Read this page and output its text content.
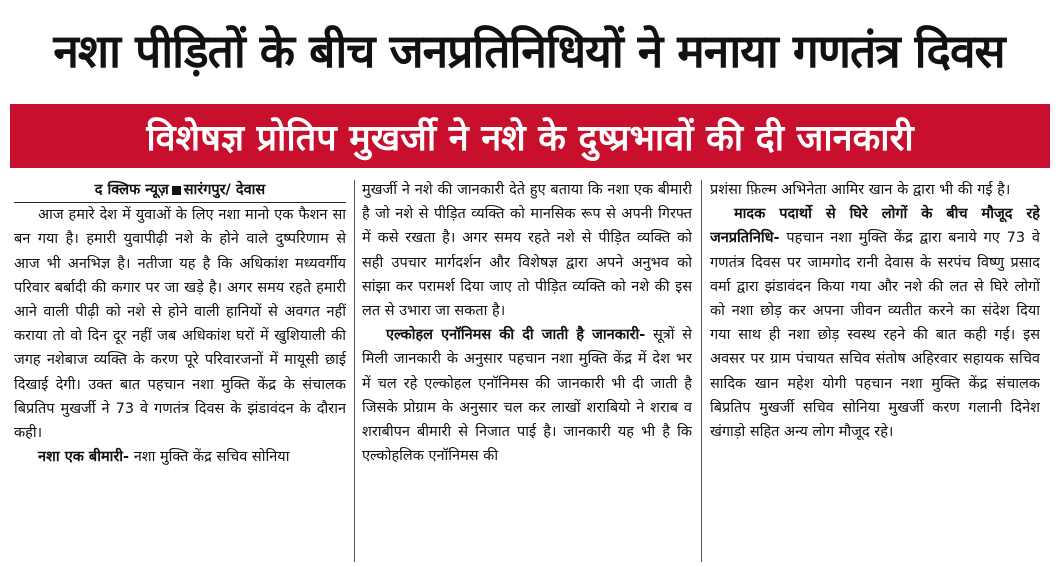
नशा पीड़ितों के बीच जनप्रतिनिधियों ने मनाया गणतंत्र दिवस
विशेषज्ञ प्रोतिप मुखर्जी ने नशे के दुष्प्रभावों की दी जानकारी

द क्लिफ न्यूज़ सारंगपुर/ देवास

आज हमारे देश में युवाओं के लिए नशा मानो एक फैशन सा बन गया है। हमारी युवापीढ़ी नशे के होने वाले दुष्परिणाम से आज भी अनभिज्ञ है। नतीजा यह है कि अधिकांश मध्यवर्गीय परिवार बर्बादी की कगार पर जा खड़े है। अगर समय रहते हमारी आने वाली पीढ़ी को नशे से होने वाली हानियों से अवगत नहीं कराया तो वो दिन दूर नहीं जब अधिकांश घरों में खुशियाली की जगह नशेबाज व्यक्ति के करण पूरे परिवारजनों में मायूसी छाई दिखाई देगी। उक्त बात पहचान नशा मुक्ति केंद्र के संचालक बिप्रतिप मुखर्जी ने 73 वे गणतंत्र दिवस के झंडावंदन के दौरान कही।

नशा एक बीमारी- नशा मुक्ति केंद्र सचिव सोनिया

मुखर्जी ने नशे की जानकारी देते हुए बताया कि नशा एक बीमारी है जो नशे से पीड़ित व्यक्ति को मानसिक रूप से अपनी गिरफ्त में कसे रखता है। अगर समय रहते नशे से पीड़ित व्यक्ति को सही उपचार मार्गदर्शन और विशेषज्ञ द्वारा अपने अनुभव को सांझा कर परामर्श दिया जाए तो पीड़ित व्यक्ति को नशे की इस लत से उभारा जा सकता है।

एल्कोहल एनॉनिमस की दी जाती है जानकारी- सूत्रों से मिली जानकारी के अनुसार पहचान नशा मुक्ति केंद्र में देश भर में चल रहे एल्कोहल एनॉनिमस की जानकारी भी दी जाती है जिसके प्रोग्राम के अनुसार चल कर लाखों शराबियो ने शराब व शराबीपन बीमारी से निजात पाई है। जानकारी यह भी है कि एल्कोहलिक एनॉनिमस की

प्रशंसा फ़िल्म अभिनेता आमिर खान के द्वारा भी की गई है।

मादक पदार्थो से घिरे लोगों के बीच मौजूद रहे जनप्रतिनिधि- पहचान नशा मुक्ति केंद्र द्वारा बनाये गए 73 वे गणतंत्र दिवस पर जामगोद रानी देवास के सरपंच विष्णु प्रसाद वर्मा द्वारा झंडावंदन किया गया और नशे की लत से घिरे लोगों को नशा छोड़ कर अपना जीवन व्यतीत करने का संदेश दिया गया साथ ही नशा छोड़ स्वस्थ रहने की बात कही गई। इस अवसर पर ग्राम पंचायत सचिव संतोष अहिरवार सहायक सचिव सादिक खान महेश योगी पहचान नशा मुक्ति केंद्र संचालक बिप्रतिप मुखर्जी सचिव सोनिया मुखर्जी करण गलानी दिनेश खंगाड़ो सहित अन्य लोग मौजूद रहे।
